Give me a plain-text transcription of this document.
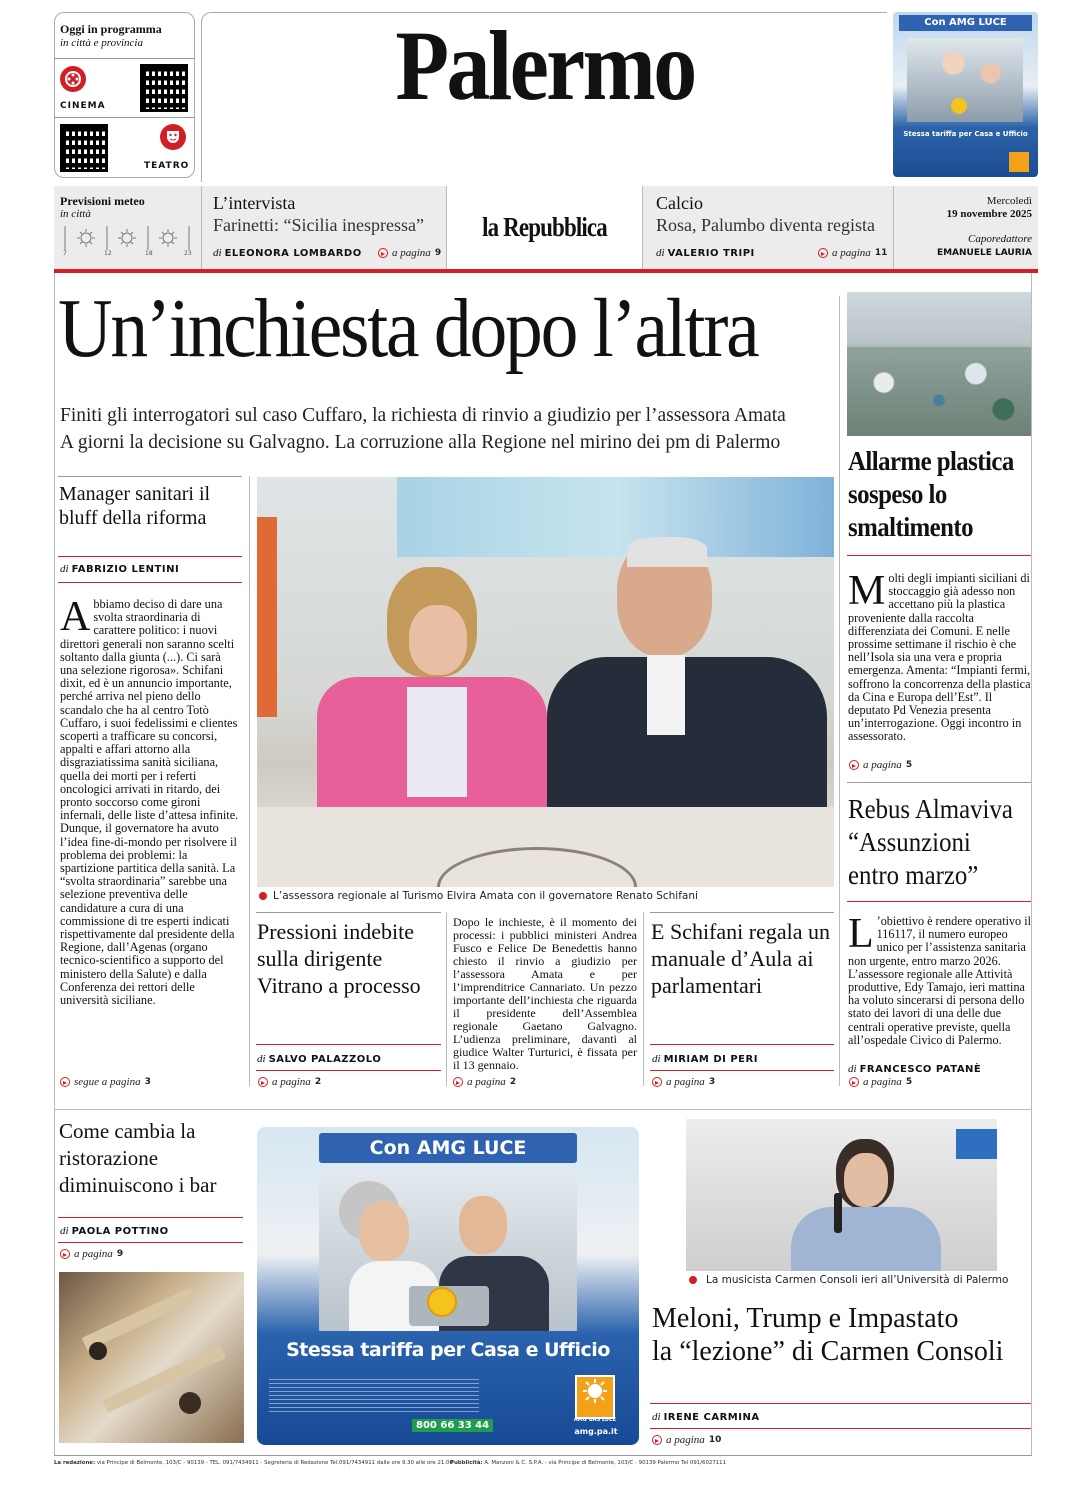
Oggi in programma
in città e provincia
CINEMA
TEATRO
Palermo	Con AMG LUCE
Stessa tariffa per Casa e Ufficio
Previsioni meteo
in città
7	12	18	23
L’intervista
Farinetti: “Sicilia inespressa”
di ELEONORA LOMBARDO	a pagina 9
la Repubblica
Calcio
Rosa, Palumbo diventa regista
di VALERIO TRIPI	a pagina 11
Mercoledì
19 novembre 2025
Caporedattore
EMANUELE LAURIA
Un’inchiesta dopo l’altra
Finiti gli interrogatori sul caso Cuffaro, la richiesta di rinvio a giudizio per l’assessora Amata
A giorni la decisione su Galvagno. La corruzione alla Regione nel mirino dei pm di Palermo
Manager sanitari il bluff della riforma
di FABRIZIO LENTINI
Abbiamo deciso di dare una svolta straordinaria di carattere politico: i nuovi direttori generali non saranno scelti soltanto dalla giunta (...). Ci sarà una selezione rigorosa». Schifani dixit, ed è un annuncio importante, perché arriva nel pieno dello scandalo che ha al centro Totò Cuffaro, i suoi fedelissimi e clientes scoperti a trafficare su concorsi, appalti e affari attorno alla disgraziatissima sanità siciliana, quella dei morti per i referti oncologici arrivati in ritardo, dei pronto soccorso come gironi infernali, delle liste d’attesa infinite. Dunque, il governatore ha avuto l’idea fine-di-mondo per risolvere il problema dei problemi: la spartizione partitica della sanità. La “svolta straordinaria” sarebbe una selezione preventiva delle candidature a cura di una commissione di tre esperti indicati rispettivamente dal presidente della Regione, dall’Agenas (organo tecnico-scientifico a supporto del ministero della Salute) e dalla Conferenza dei rettori delle università siciliane.
segue a pagina 3
L’assessora regionale al Turismo Elvira Amata con il governatore Renato Schifani
Pressioni indebite sulla dirigente Vitrano a processo
di SALVO PALAZZOLO
a pagina 2
Dopo le inchieste, è il momento dei processi: i pubblici ministeri Andrea Fusco e Felice De Benedettis hanno chiesto il rinvio a giudizio per l’assessora Amata e per l’imprenditrice Cannariato. Un pezzo importante dell’inchiesta che riguarda il presidente dell’Assemblea regionale Gaetano Galvagno. L’udienza preliminare, davanti al giudice Walter Turturici, è fissata per il 13 gennaio.
a pagina 2
E Schifani regala un manuale d’Aula ai parlamentari
di MIRIAM DI PERI
a pagina 3
Allarme plastica sospeso lo smaltimento
Molti degli impianti siciliani di stoccaggio già adesso non accettano più la plastica proveniente dalla raccolta differenziata dei Comuni. E nelle prossime settimane il rischio è che nell’Isola sia una vera e propria emergenza. Amenta: “Impianti fermi, soffrono la concorrenza della plastica da Cina e Europa dell’Est”. Il deputato Pd Venezia presenta un’interrogazione. Oggi incontro in assessorato.
a pagina 5
Rebus Almaviva
“Assunzioni
entro marzo”
L ’obiettivo è rendere operativo il 116117, il numero europeo unico per l’assistenza sanitaria non urgente, entro marzo 2026. L’assessore regionale alle Attività produttive, Edy Tamajo, ieri mattina ha voluto sincerarsi di persona dello stato dei lavori di una delle due centrali operative previste, quella all’ospedale Civico di Palermo.
di FRANCESCO PATANÈ
a pagina 5
Come cambia la ristorazione diminuiscono i bar
di PAOLA POTTINO
a pagina 9
Con AMG LUCE
Stessa tariffa per Casa e Ufficio
800 66 33 44	AMG GAS LUCE
amg.pa.it
La musicista Carmen Consoli ieri all’Università di Palermo
Meloni, Trump e Impastato
la “lezione” di Carmen Consoli
di IRENE CARMINA
a pagina 10
La redazione: via Principe di Belmonte, 103/C - 90139 - TEL. 091/7434911 - Segreteria di Redazione Tel.091/7434911 dalle ore 9.30 alle ore 21.00
Pubblicità: A. Manzoni & C. S.P.A. - via Principe di Belmonte, 103/C - 90139 Palermo Tel 091/6027111
